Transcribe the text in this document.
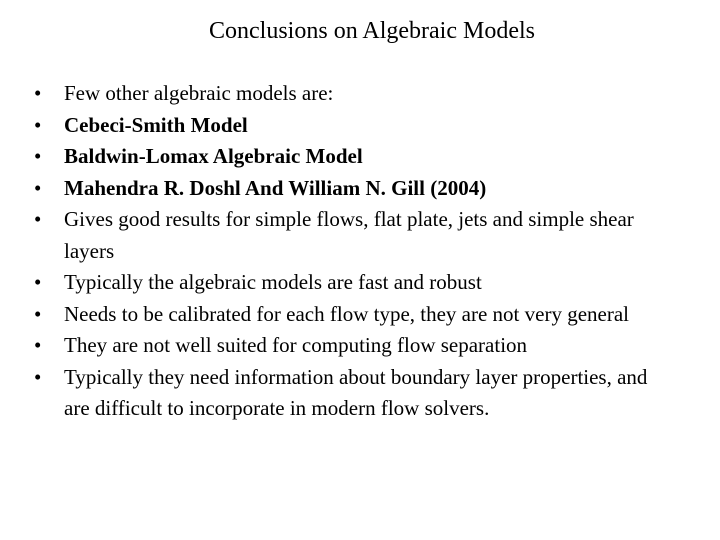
Conclusions on Algebraic Models
• Few other algebraic models are:
• Cebeci-Smith Model
• Baldwin-Lomax Algebraic Model
• Mahendra R. Doshl And William N. Gill (2004)
• Gives good results for simple flows, flat plate, jets and simple shear layers
• Typically the algebraic models are fast and robust
• Needs to be calibrated for each flow type, they are not very general
• They are not well suited for computing flow separation
• Typically they need information about boundary layer properties, and are difficult to incorporate in modern flow solvers.
